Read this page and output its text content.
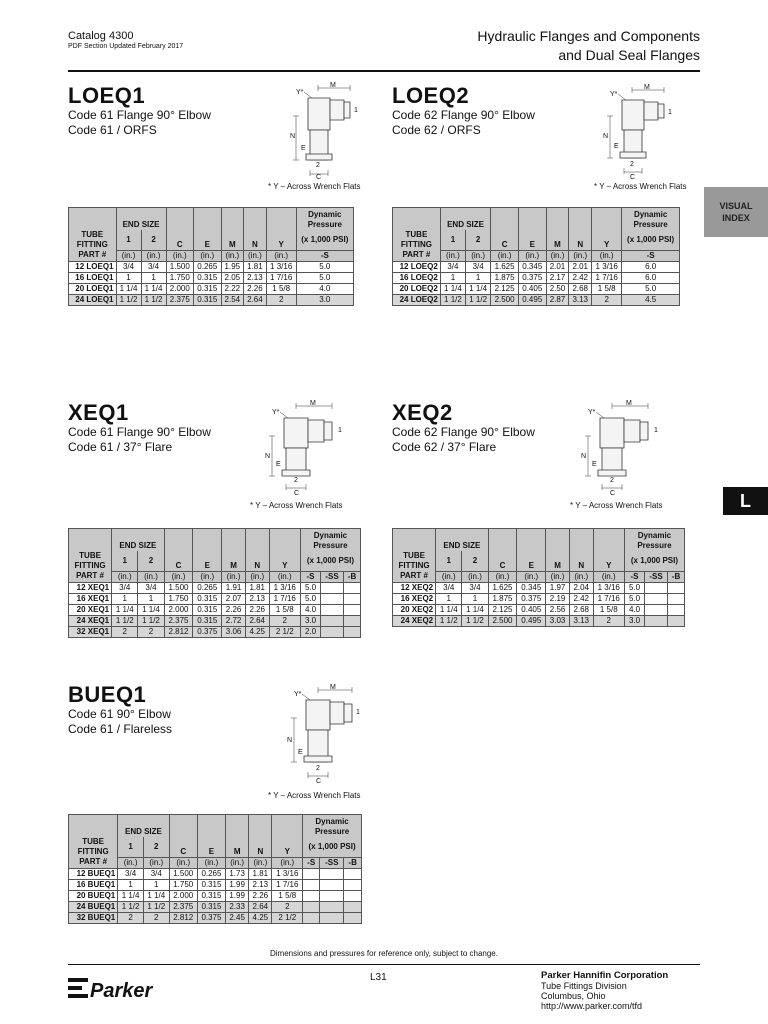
Catalog 4300
PDF Section Updated February 2017
Hydraulic Flanges and Components
and Dual Seal Flanges
VISUAL
INDEX
L
LOEQ1
Code 61 Flange 90° Elbow
Code 61 / ORFS
M
Y*
1
N
E
2
C
* Y – Across Wrench Flats
	END SIZE		C	E	M	N	Y	Dynamic
Pressure
TUBE
FITTING	1	2						(x 1,000 PSI)
PART #	(in.)	(in.)	(in.)	(in.)	(in.)	(in.)	(in.)	-S
12 LOEQ1	3/4	3/4	1.500	0.265	1.95	1.81	1 3/16	5.0
16 LOEQ1	1	1	1.750	0.315	2.05	2.13	1 7/16	5.0
20 LOEQ1	1 1/4	1 1/4	2.000	0.315	2.22	2.26	1 5/8	4.0
24 LOEQ1	1 1/2	1 1/2	2.375	0.315	2.54	2.64	2	3.0
LOEQ2
Code 62 Flange 90° Elbow
Code 62 / ORFS
M
Y*
1
N
E
2
C
* Y – Across Wrench Flats
	END SIZE		C	E	M	N	Y	Dynamic
Pressure
TUBE
FITTING	1	2						(x 1,000 PSI)
PART #	(in.)	(in.)	(in.)	(in.)	(in.)	(in.)	(in.)	-S
12 LOEQ2	3/4	3/4	1.625	0.345	2.01	2.01	1 3/16	6.0
16 LOEQ2	1	1	1.875	0.375	2.17	2.42	1 7/16	6.0
20 LOEQ2	1 1/4	1 1/4	2.125	0.405	2.50	2.68	1 5/8	5.0
24 LOEQ2	1 1/2	1 1/2	2.500	0.495	2.87	3.13	2	4.5
XEQ1
Code 61 Flange 90° Elbow
Code 61 / 37° Flare
M
Y*
1
N
E
2
C
* Y – Across Wrench Flats
	END SIZE		C	E	M	N	Y	Dynamic
Pressure		
TUBE
FITTING	1	2						(x 1,000 PSI)		
PART #	(in.)	(in.)	(in.)	(in.)	(in.)	(in.)	(in.)	-S	-SS	-B
12 XEQ1	3/4	3/4	1.500	0.265	1.91	1.81	1 3/16	5.0		
16 XEQ1	1	1	1.750	0.315	2.07	2.13	1 7/16	5.0		
20 XEQ1	1 1/4	1 1/4	2.000	0.315	2.26	2.26	1 5/8	4.0		
24 XEQ1	1 1/2	1 1/2	2.375	0.315	2.72	2.64	2	3.0		
32 XEQ1	2	2	2.812	0.375	3.06	4.25	2 1/2	2.0		
XEQ2
Code 62 Flange 90° Elbow
Code 62 / 37° Flare
M
Y*
1
N
E
2
C
* Y – Across Wrench Flats
	END SIZE		C	E	M	N	Y	Dynamic
Pressure		
TUBE
FITTING	1	2						(x 1,000 PSI)		
PART #	(in.)	(in.)	(in.)	(in.)	(in.)	(in.)	(in.)	-S	-SS	-B
12 XEQ2	3/4	3/4	1.625	0.345	1.97	2.04	1 3/16	5.0		
16 XEQ2	1	1	1.875	0.375	2.19	2.42	1 7/16	5.0		
20 XEQ2	1 1/4	1 1/4	2.125	0.405	2.56	2.68	1 5/8	4.0		
24 XEQ2	1 1/2	1 1/2	2.500	0.495	3.03	3.13	2	3.0		
BUEQ1
Code 61 90° Elbow
Code 61 / Flareless
M
Y*
1
N
E
2
C
* Y – Across Wrench Flats
	END SIZE		C	E	M	N	Y	Dynamic
Pressure		
TUBE
FITTING	1	2						(x 1,000 PSI)		
PART #	(in.)	(in.)	(in.)	(in.)	(in.)	(in.)	(in.)	-S	-SS	-B
12 BUEQ1	3/4	3/4	1.500	0.265	1.73	1.81	1 3/16			
16 BUEQ1	1	1	1.750	0.315	1.99	2.13	1 7/16			
20 BUEQ1	1 1/4	1 1/4	2.000	0.315	1.99	2.26	1 5/8			
24 BUEQ1	1 1/2	1 1/2	2.375	0.315	2.33	2.64	2			
32 BUEQ1	2	2	2.812	0.375	2.45	4.25	2 1/2			
Dimensions and pressures for reference only, subject to change.
Parker
L31	Parker Hannifin Corporation
Tube Fittings Division
Columbus, Ohio
http://www.parker.com/tfd
